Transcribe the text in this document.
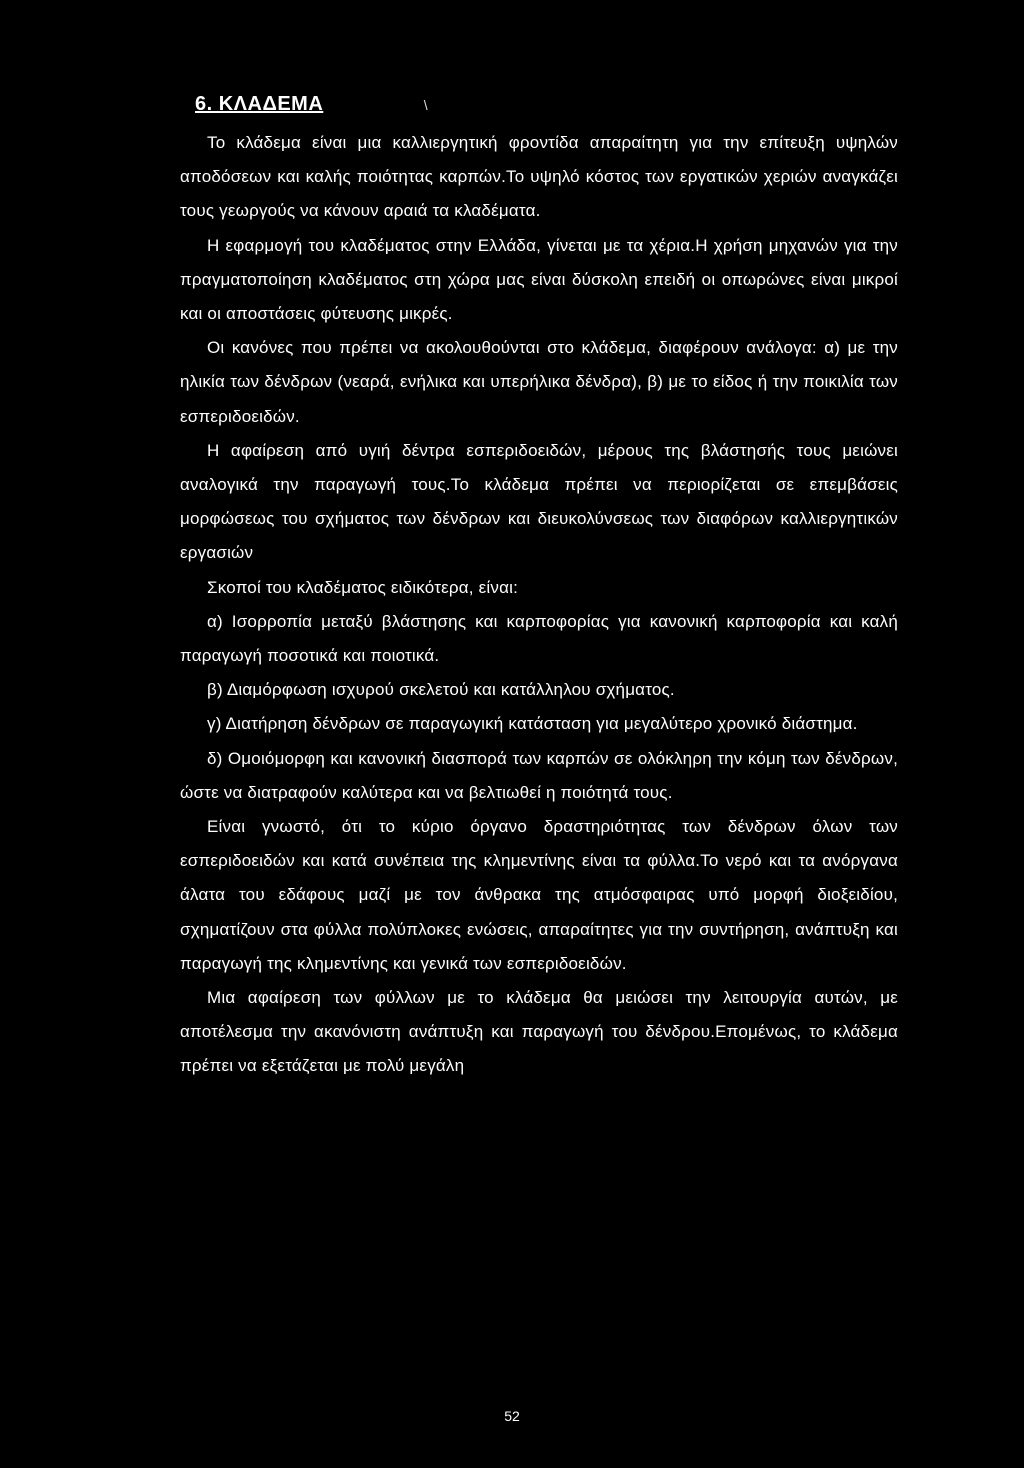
6. ΚΛΑΔΕΜΑ	\

Το κλάδεμα είναι μια καλλιεργητική φροντίδα απαραίτητη για την επίτευξη υψηλών αποδόσεων και καλής ποιότητας καρπών.Το υψηλό κόστος των εργατικών χεριών αναγκάζει τους γεωργούς να κάνουν αραιά τα κλαδέματα.

Η εφαρμογή του κλαδέματος στην Ελλάδα, γίνεται με τα χέρια.Η χρήση μηχανών για την πραγματοποίηση κλαδέματος στη χώρα μας είναι δύσκολη επειδή οι οπωρώνες είναι μικροί και οι αποστάσεις φύτευσης μικρές.

Οι κανόνες που πρέπει να ακολουθούνται στο κλάδεμα, διαφέρουν ανάλογα: α) με την ηλικία των δένδρων (νεαρά, ενήλικα και υπερήλικα δένδρα), β) με το είδος ή την ποικιλία των εσπεριδοειδών.

Η αφαίρεση από υγιή δέντρα εσπεριδοειδών, μέρους της βλάστησής τους μειώνει αναλογικά την παραγωγή τους.Το κλάδεμα πρέπει να περιορίζεται σε επεμβάσεις μορφώσεως του σχήματος των δένδρων και διευκολύνσεως των διαφόρων καλλιεργητικών εργασιών

Σκοποί του κλαδέματος ειδικότερα, είναι:

α) Ισορροπία μεταξύ βλάστησης και καρποφορίας για κανονική καρποφορία και καλή παραγωγή ποσοτικά και ποιοτικά.

β) Διαμόρφωση ισχυρού σκελετού και κατάλληλου σχήματος.

γ) Διατήρηση δένδρων σε παραγωγική κατάσταση για μεγαλύτερο χρονικό διάστημα.

δ) Ομοιόμορφη και κανονική διασπορά των καρπών σε ολόκληρη την κόμη των δένδρων, ώστε να διατραφούν καλύτερα και να βελτιωθεί η ποιότητά τους.

Είναι γνωστό, ότι το κύριο όργανο δραστηριότητας των δένδρων όλων των εσπεριδοειδών και κατά συνέπεια της κλημεντίνης είναι τα φύλλα.Το νερό και τα ανόργανα άλατα του εδάφους μαζί με τον άνθρακα της ατμόσφαιρας υπό μορφή διοξειδίου, σχηματίζουν στα φύλλα πολύπλοκες ενώσεις, απαραίτητες για την συντήρηση, ανάπτυξη και παραγωγή της κλημεντίνης και γενικά των εσπεριδοειδών.

Μια αφαίρεση των φύλλων με το κλάδεμα θα μειώσει την λειτουργία αυτών, με αποτέλεσμα την ακανόνιστη ανάπτυξη και παραγωγή του δένδρου.Επομένως, το κλάδεμα πρέπει να εξετάζεται με πολύ μεγάλη

52
